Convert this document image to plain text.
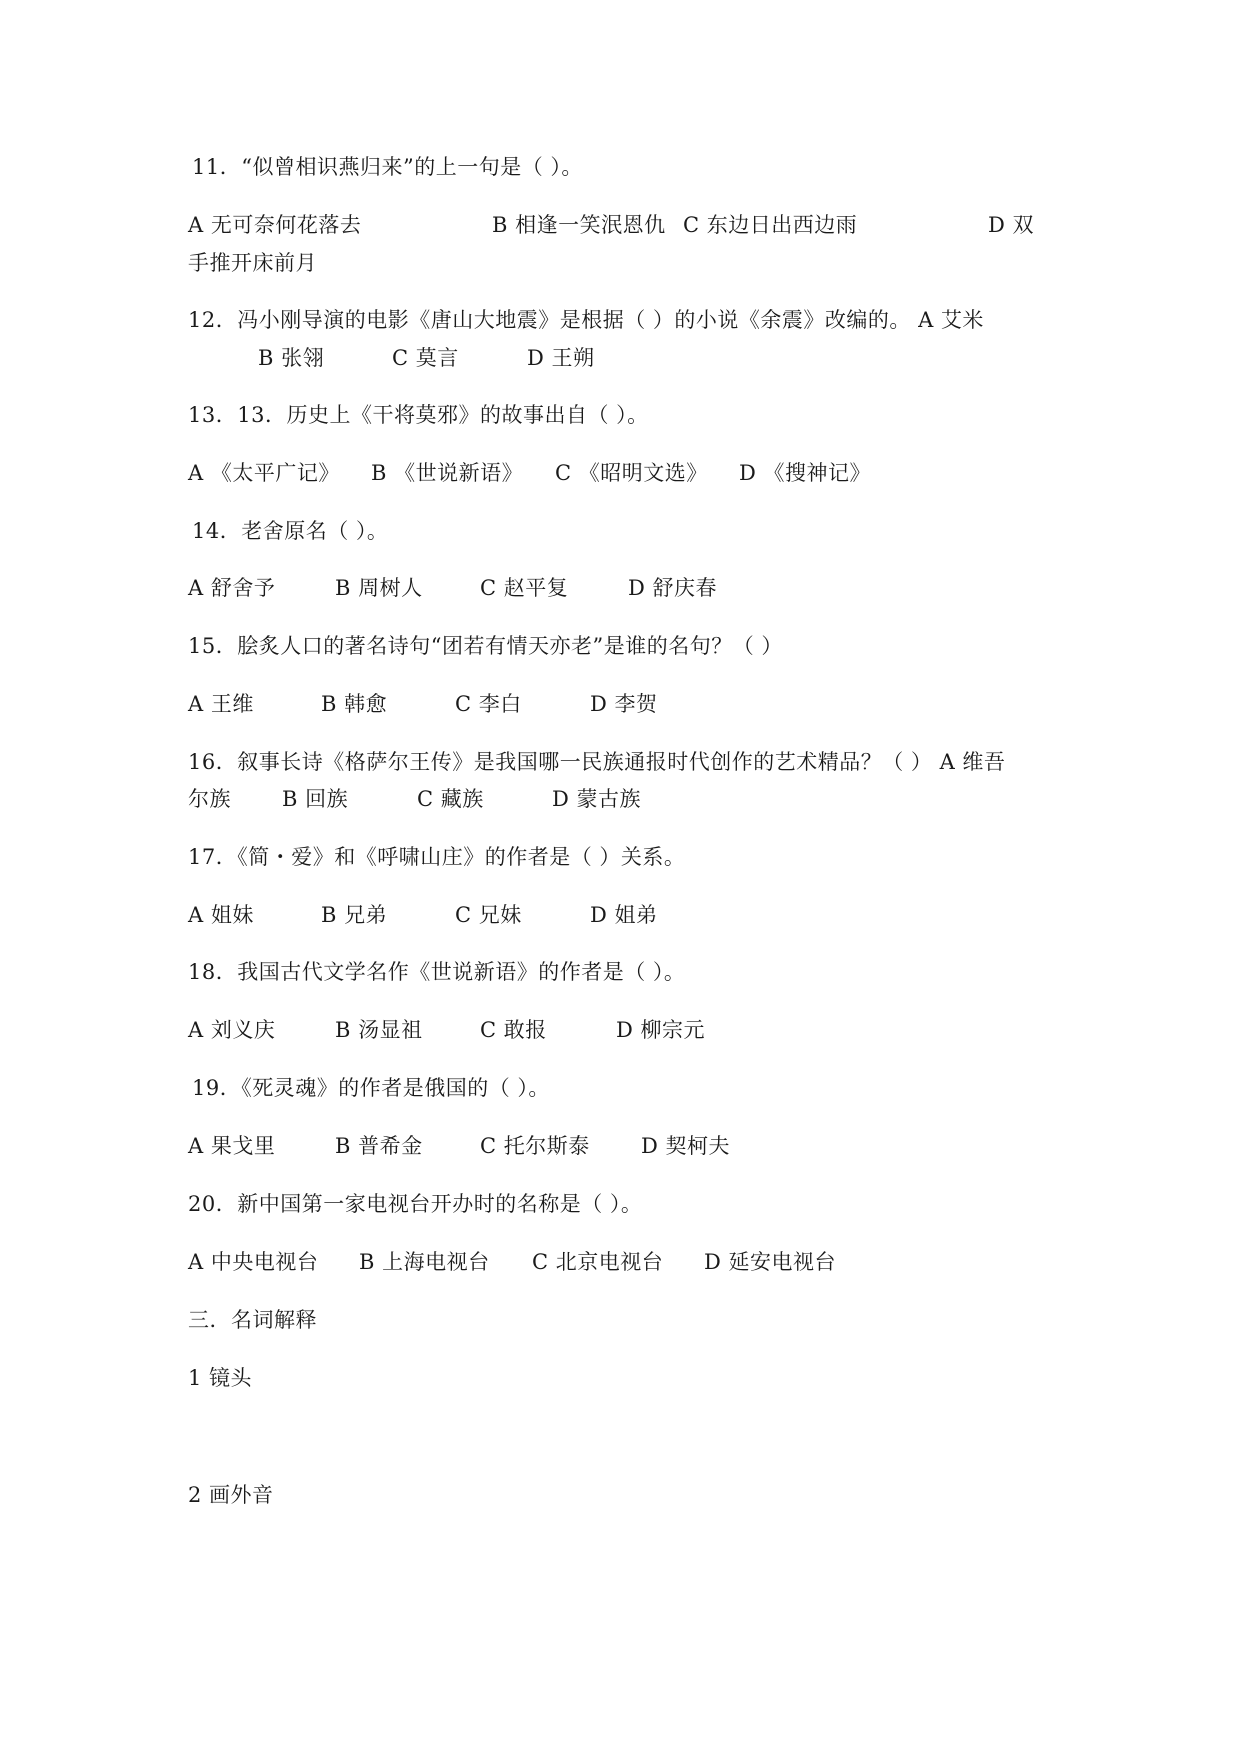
11．“似曾相识燕归来”的上一句是（ ）。
A 无可奈何花落去	B 相逢一笑泯恩仇 C 东边日出西边雨	D 双
手推开床前月
12．冯小刚导演的电影《唐山大地震》是根据（ ）的小说《余震》改编的。 A 艾米
B 张翎	C 莫言	D 王朔
13．13．历史上《干将莫邪》的故事出自（ ）。
A 《太平广记》 B 《世说新语》 C 《昭明文选》 D 《搜神记》
14．老舍原名（ ）。
A 舒舍予	B 周树人	C 赵平复	D 舒庆春
15．脍炙人口的著名诗句“团若有情天亦老”是谁的名句？（ ）
A 王维	B 韩愈	C 李白	D 李贺
16．叙事长诗《格萨尔王传》是我国哪一民族通报时代创作的艺术精品？（ ） A 维吾
尔族 B 回族	C 藏族	D 蒙古族
17．《简・爱》和《呼啸山庄》的作者是（ ）关系。
A 姐妹	B 兄弟	C 兄妹	D 姐弟
18．我国古代文学名作《世说新语》的作者是（ ）。
A 刘义庆	B 汤显祖	C 敢报	D 柳宗元
19．《死灵魂》的作者是俄国的（ ）。
A 果戈里	B 普希金	C 托尔斯泰 D 契柯夫
20．新中国第一家电视台开办时的名称是（ ）。
A 中央电视台 B 上海电视台 C 北京电视台 D 延安电视台
三．名词解释
1 镜头
2 画外音
